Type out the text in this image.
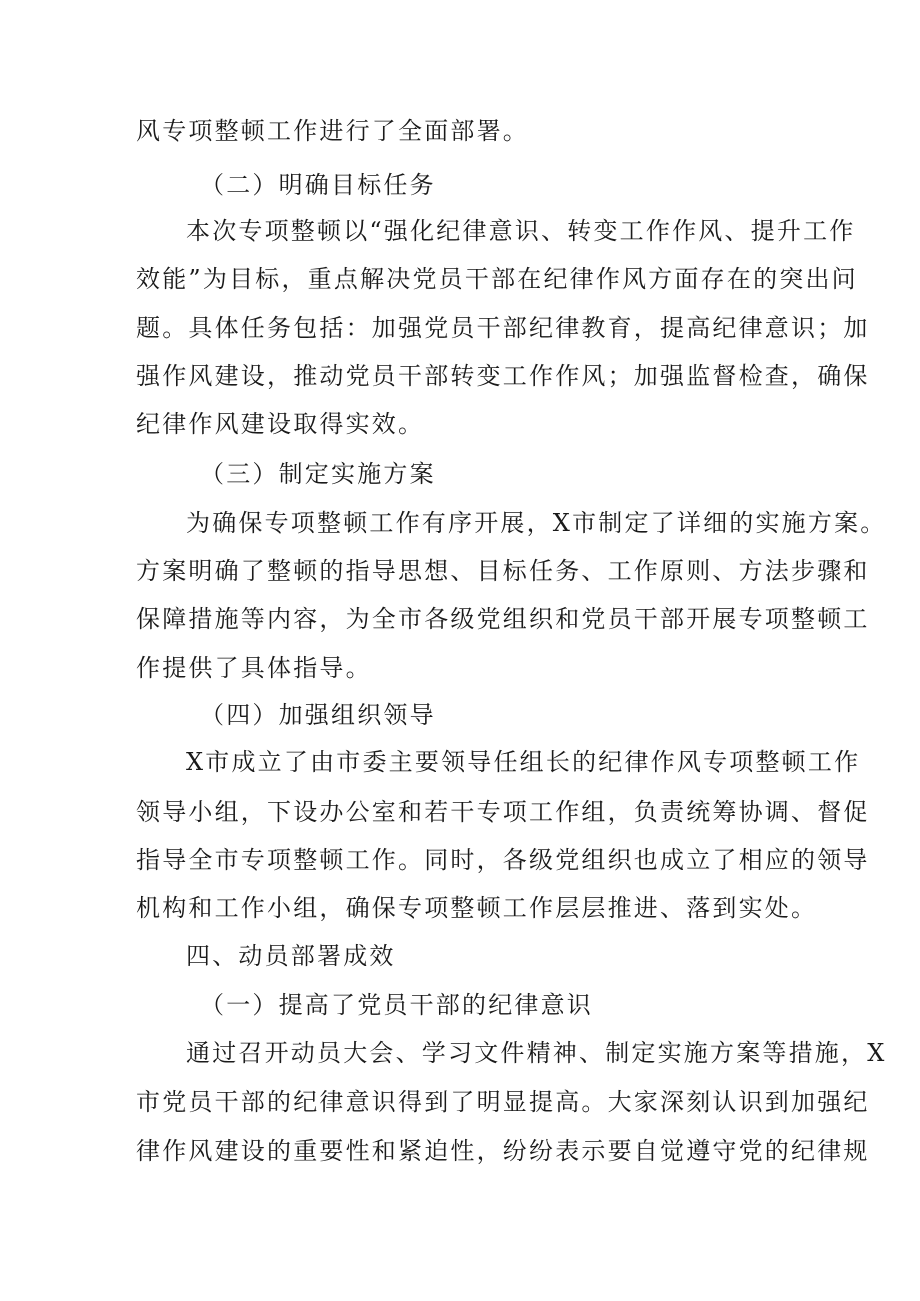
风专项整顿工作进行了全面部署。
（二）明确目标任务
本次专项整顿以“强化纪律意识、转变工作作风、提升工作
效能”为目标，重点解决党员干部在纪律作风方面存在的突出问
题。具体任务包括：加强党员干部纪律教育，提高纪律意识；加
强作风建设，推动党员干部转变工作作风；加强监督检查，确保
纪律作风建设取得实效。
（三）制定实施方案
为确保专项整顿工作有序开展，X市制定了详细的实施方案。
方案明确了整顿的指导思想、目标任务、工作原则、方法步骤和
保障措施等内容，为全市各级党组织和党员干部开展专项整顿工
作提供了具体指导。
（四）加强组织领导
X市成立了由市委主要领导任组长的纪律作风专项整顿工作
领导小组，下设办公室和若干专项工作组，负责统筹协调、督促
指导全市专项整顿工作。同时，各级党组织也成立了相应的领导
机构和工作小组，确保专项整顿工作层层推进、落到实处。
四、动员部署成效
（一）提高了党员干部的纪律意识
通过召开动员大会、学习文件精神、制定实施方案等措施，X
市党员干部的纪律意识得到了明显提高。大家深刻认识到加强纪
律作风建设的重要性和紧迫性，纷纷表示要自觉遵守党的纪律规
